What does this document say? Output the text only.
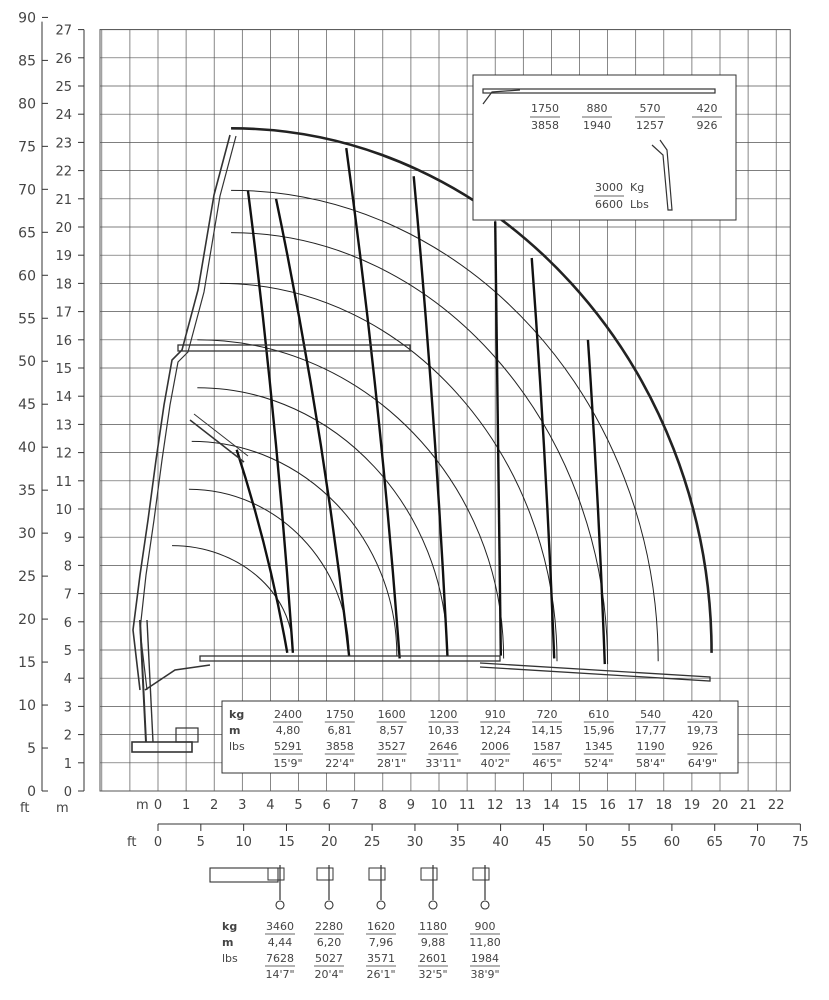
0
5
10
15
20
25
30
35
40
45
50
55
60
65
70
75
80
85
90
0
1
2
3
4
5
6
7
8
9
10
11
12
13
14
15
16
17
18
19
20
21
22
23
24
25
26
27
ft m	0 1 2 3 4 5 6 7 8 9 10 11 12 13 14 15 16 17 18 19 20 21 22
m
0	5 10 15 20 25 30 35 40 45 50 55 60 65 70 75
ft
1750
3858
880
1940
570
1257
420
926
3000 Kg
6600 Lbs
kg
m
lbs
2400
4,80
5291
15'9"
1750
6,81
3858
22'4"
1600
8,57
3527
28'1"
1200
10,33
2646
33'11"
910
12,24
2006
40'2"
720
14,15
1587
46'5"
610
15,96
1345
52'4"
540
17,77
1190
58'4"
420
19,73
926
64'9"
kg
m
lbs
3460
4,44
7628
14'7"
2280
6,20
5027
20'4"
1620
7,96
3571
26'1"
1180
9,88
2601
32'5"
900
11,80
1984
38'9"
